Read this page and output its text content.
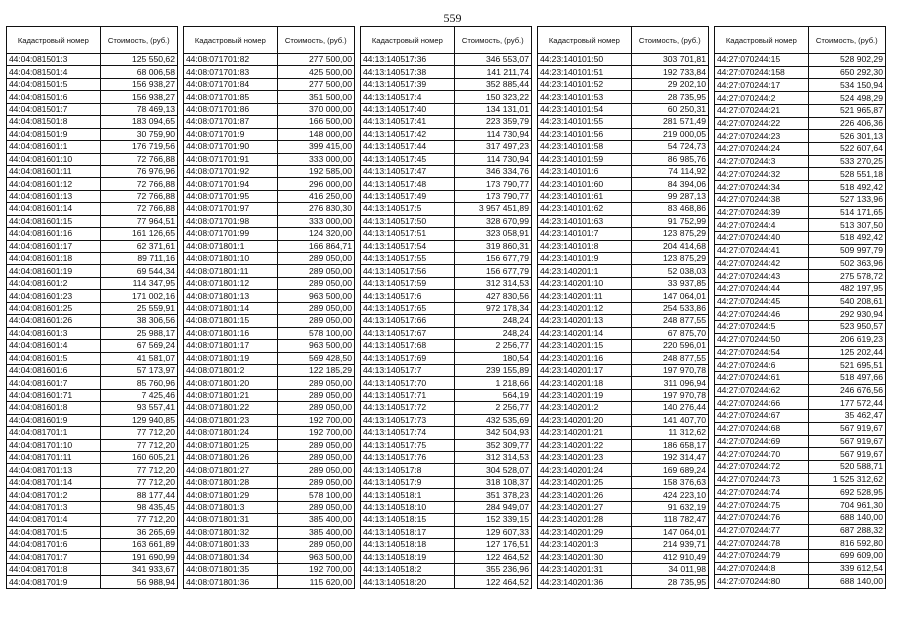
559
Кадастровый номер	Стоимость, (руб.)
44:04:081501:3	125 550,62
44:04:081501:4	68 006,58
44:04:081501:5	156 938,27
44:04:081501:6	156 938,27
44:04:081501:7	78 469,13
44:04:081501:8	183 094,65
44:04:081501:9	30 759,90
44:04:081601:1	176 719,56
44:04:081601:10	72 766,88
44:04:081601:11	76 976,96
44:04:081601:12	72 766,88
44:04:081601:13	72 766,88
44:04:081601:14	72 766,88
44:04:081601:15	77 964,51
44:04:081601:16	161 126,65
44:04:081601:17	62 371,61
44:04:081601:18	89 711,16
44:04:081601:19	69 544,34
44:04:081601:2	114 347,95
44:04:081601:23	171 002,16
44:04:081601:25	25 559,91
44:04:081601:26	38 306,56
44:04:081601:3	25 988,17
44:04:081601:4	67 569,24
44:04:081601:5	41 581,07
44:04:081601:6	57 173,97
44:04:081601:7	85 760,96
44:04:081601:71	7 425,46
44:04:081601:8	93 557,41
44:04:081601:9	129 940,85
44:04:081701:1	77 712,20
44:04:081701:10	77 712,20
44:04:081701:11	160 605,21
44:04:081701:13	77 712,20
44:04:081701:14	77 712,20
44:04:081701:2	88 177,44
44:04:081701:3	98 435,45
44:04:081701:4	77 712,20
44:04:081701:5	36 265,69
44:04:081701:6	163 661,89
44:04:081701:7	191 690,99
44:04:081701:8	341 933,67
44:04:081701:9	56 988,94
Кадастровый номер	Стоимость, (руб.)
44:08:071701:82	277 500,00
44:08:071701:83	425 500,00
44:08:071701:84	277 500,00
44:08:071701:85	351 500,00
44:08:071701:86	370 000,00
44:08:071701:87	166 500,00
44:08:071701:9	148 000,00
44:08:071701:90	399 415,00
44:08:071701:91	333 000,00
44:08:071701:92	192 585,00
44:08:071701:94	296 000,00
44:08:071701:95	416 250,00
44:08:071701:97	276 830,30
44:08:071701:98	333 000,00
44:08:071701:99	124 320,00
44:08:071801:1	166 864,71
44:08:071801:10	289 050,00
44:08:071801:11	289 050,00
44:08:071801:12	289 050,00
44:08:071801:13	963 500,00
44:08:071801:14	289 050,00
44:08:071801:15	289 050,00
44:08:071801:16	578 100,00
44:08:071801:17	963 500,00
44:08:071801:19	569 428,50
44:08:071801:2	122 185,29
44:08:071801:20	289 050,00
44:08:071801:21	289 050,00
44:08:071801:22	289 050,00
44:08:071801:23	192 700,00
44:08:071801:24	192 700,00
44:08:071801:25	289 050,00
44:08:071801:26	289 050,00
44:08:071801:27	289 050,00
44:08:071801:28	289 050,00
44:08:071801:29	578 100,00
44:08:071801:3	289 050,00
44:08:071801:31	385 400,00
44:08:071801:32	385 400,00
44:08:071801:33	289 050,00
44:08:071801:34	963 500,00
44:08:071801:35	192 700,00
44:08:071801:36	115 620,00
Кадастровый номер	Стоимость, (руб.)
44:13:140517:36	346 553,07
44:13:140517:38	141 211,74
44:13:140517:39	352 885,44
44:13:140517:4	150 323,22
44:13:140517:40	134 131,01
44:13:140517:41	223 359,79
44:13:140517:42	114 730,94
44:13:140517:44	317 497,23
44:13:140517:45	114 730,94
44:13:140517:47	346 334,76
44:13:140517:48	173 790,77
44:13:140517:49	173 790,77
44:13:140517:5	3 957 451,89
44:13:140517:50	328 670,99
44:13:140517:51	323 058,91
44:13:140517:54	319 860,31
44:13:140517:55	156 677,79
44:13:140517:56	156 677,79
44:13:140517:59	312 314,53
44:13:140517:6	427 830,56
44:13:140517:65	972 178,34
44:13:140517:66	248,24
44:13:140517:67	248,24
44:13:140517:68	2 256,77
44:13:140517:69	180,54
44:13:140517:7	239 155,89
44:13:140517:70	1 218,66
44:13:140517:71	564,19
44:13:140517:72	2 256,77
44:13:140517:73	432 535,69
44:13:140517:74	342 504,93
44:13:140517:75	352 309,77
44:13:140517:76	312 314,53
44:13:140517:8	304 528,07
44:13:140517:9	318 108,37
44:13:140518:1	351 378,23
44:13:140518:10	284 949,07
44:13:140518:15	152 339,15
44:13:140518:17	129 607,33
44:13:140518:18	127 176,51
44:13:140518:19	122 464,52
44:13:140518:2	355 236,96
44:13:140518:20	122 464,52
Кадастровый номер	Стоимость, (руб.)
44:23:140101:50	303 701,81
44:23:140101:51	192 733,84
44:23:140101:52	29 202,10
44:23:140101:53	28 735,95
44:23:140101:54	60 250,31
44:23:140101:55	281 571,49
44:23:140101:56	219 000,05
44:23:140101:58	54 724,73
44:23:140101:59	86 985,76
44:23:140101:6	74 114,92
44:23:140101:60	84 394,06
44:23:140101:61	99 287,13
44:23:140101:62	83 468,86
44:23:140101:63	91 752,99
44:23:140101:7	123 875,29
44:23:140101:8	204 414,68
44:23:140101:9	123 875,29
44:23:140201:1	52 038,03
44:23:140201:10	33 937,85
44:23:140201:11	147 064,01
44:23:140201:12	254 533,86
44:23:140201:13	248 877,55
44:23:140201:14	67 875,70
44:23:140201:15	220 596,01
44:23:140201:16	248 877,55
44:23:140201:17	197 970,78
44:23:140201:18	311 096,94
44:23:140201:19	197 970,78
44:23:140201:2	140 276,44
44:23:140201:20	141 407,70
44:23:140201:21	11 312,62
44:23:140201:22	186 658,17
44:23:140201:23	192 314,47
44:23:140201:24	169 689,24
44:23:140201:25	158 376,63
44:23:140201:26	424 223,10
44:23:140201:27	91 632,19
44:23:140201:28	118 782,47
44:23:140201:29	147 064,01
44:23:140201:3	214 939,71
44:23:140201:30	412 910,49
44:23:140201:31	34 011,98
44:23:140201:36	28 735,95
Кадастровый номер	Стоимость, (руб.)
44:27:070244:15	528 902,29
44:27:070244:158	650 292,30
44:27:070244:17	534 150,94
44:27:070244:2	524 498,29
44:27:070244:21	521 965,87
44:27:070244:22	226 406,36
44:27:070244:23	526 301,13
44:27:070244:24	522 607,64
44:27:070244:3	533 270,25
44:27:070244:32	528 551,18
44:27:070244:34	518 492,42
44:27:070244:38	527 133,96
44:27:070244:39	514 171,65
44:27:070244:4	513 307,50
44:27:070244:40	518 492,42
44:27:070244:41	509 997,79
44:27:070244:42	502 363,96
44:27:070244:43	275 578,72
44:27:070244:44	482 197,95
44:27:070244:45	540 208,61
44:27:070244:46	292 930,94
44:27:070244:5	523 950,57
44:27:070244:50	206 619,23
44:27:070244:54	125 202,44
44:27:070244:6	521 695,51
44:27:070244:61	518 497,66
44:27:070244:62	246 676,56
44:27:070244:66	177 572,44
44:27:070244:67	35 462,47
44:27:070244:68	567 919,67
44:27:070244:69	567 919,67
44:27:070244:70	567 919,67
44:27:070244:72	520 588,71
44:27:070244:73	1 525 312,62
44:27:070244:74	692 528,95
44:27:070244:75	704 961,30
44:27:070244:76	688 140,00
44:27:070244:77	687 288,32
44:27:070244:78	816 592,80
44:27:070244:79	699 609,00
44:27:070244:8	339 612,54
44:27:070244:80	688 140,00
